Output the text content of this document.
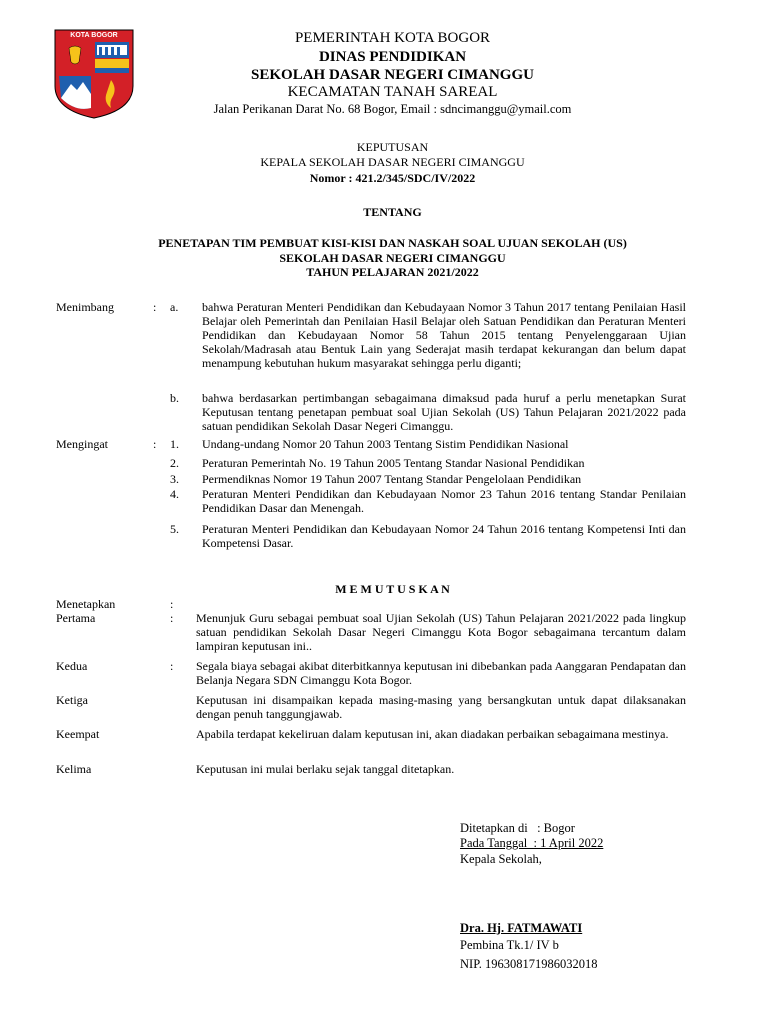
KOTA BOGOR	PEMERINTAH KOTA BOGOR
DINAS PENDIDIKAN
SEKOLAH DASAR NEGERI CIMANGGU
KECAMATAN TANAH SAREAL
Jalan Perikanan Darat No. 68 Bogor, Email : sdncimanggu@ymail.com
KEPUTUSAN
KEPALA SEKOLAH DASAR NEGERI CIMANGGU
Nomor : 421.2/345/SDC/IV/2022
TENTANG
PENETAPAN TIM PEMBUAT KISI-KISI DAN NASKAH SOAL UJUAN SEKOLAH (US)
SEKOLAH DASAR NEGERI CIMANGGU
TAHUN PELAJARAN 2021/2022
Menimbang	: a. bahwa Peraturan Menteri Pendidikan dan Kebudayaan Nomor 3 Tahun 2017 tentang Penilaian Hasil Belajar oleh Pemerintah dan Penilaian Hasil Belajar oleh Satuan Pendidikan dan Peraturan Menteri Pendidikan dan Kebudayaan Nomor 58 Tahun 2015 tentang Penyelenggaraan Ujian Sekolah/Madrasah atau Bentuk Lain yang Sederajat masih terdapat kekurangan dan belum dapat menampung kebutuhan hukum masyarakat sehingga perlu diganti;
b. bahwa berdasarkan pertimbangan sebagaimana dimaksud pada huruf a perlu menetapkan Surat Keputusan tentang penetapan pembuat soal Ujian Sekolah (US) Tahun Pelajaran 2021/2022 pada satuan pendidikan Sekolah Dasar Negeri Cimanggu.
Mengingat	: 1. Undang-undang Nomor 20 Tahun 2003 Tentang Sistim Pendidikan Nasional
2. Peraturan Pemerintah No. 19 Tahun 2005 Tentang Standar Nasional Pendidikan
3. Permendiknas Nomor 19 Tahun 2007 Tentang Standar Pengelolaan Pendidikan
4. Peraturan Menteri Pendidikan dan Kebudayaan Nomor 23 Tahun 2016 tentang Standar Penilaian Pendidikan Dasar dan Menengah.
5. Peraturan Menteri Pendidikan dan Kebudayaan Nomor 24 Tahun 2016 tentang Kompetensi Inti dan Kompetensi Dasar.
M E M U T U S K A N
Menetapkan	:
Pertama	: Menunjuk Guru sebagai pembuat soal Ujian Sekolah (US) Tahun Pelajaran 2021/2022 pada lingkup satuan pendidikan Sekolah Dasar Negeri Cimanggu Kota Bogor sebagaimana tercantum dalam lampiran keputusan ini..
Kedua	: Segala biaya sebagai akibat diterbitkannya keputusan ini dibebankan pada Aanggaran Pendapatan dan Belanja Negara SDN Cimanggu Kota Bogor.
Ketiga	Keputusan ini disampaikan kepada masing-masing yang bersangkutan untuk dapat dilaksanakan dengan penuh tanggungjawab.
Keempat	Apabila terdapat kekeliruan dalam keputusan ini, akan diadakan perbaikan sebagaimana mestinya.
Kelima	Keputusan ini mulai berlaku sejak tanggal ditetapkan.
Ditetapkan di   : Bogor
Pada Tanggal  : 1 April 2022
Kepala Sekolah,
Dra. Hj. FATMAWATI
Pembina Tk.1/ IV b
NIP. 196308171986032018
